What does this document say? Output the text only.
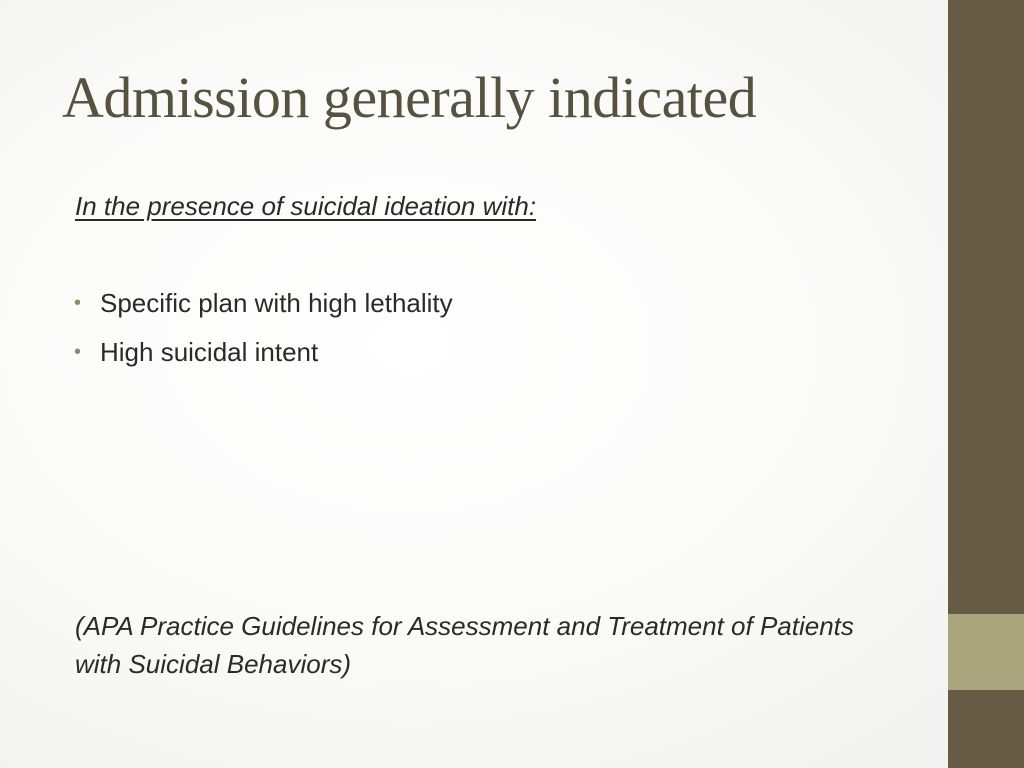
Admission generally indicated

In the presence of suicidal ideation with:

• Specific plan with high lethality
• High suicidal intent

(APA Practice Guidelines for Assessment and Treatment of Patients with Suicidal Behaviors)
